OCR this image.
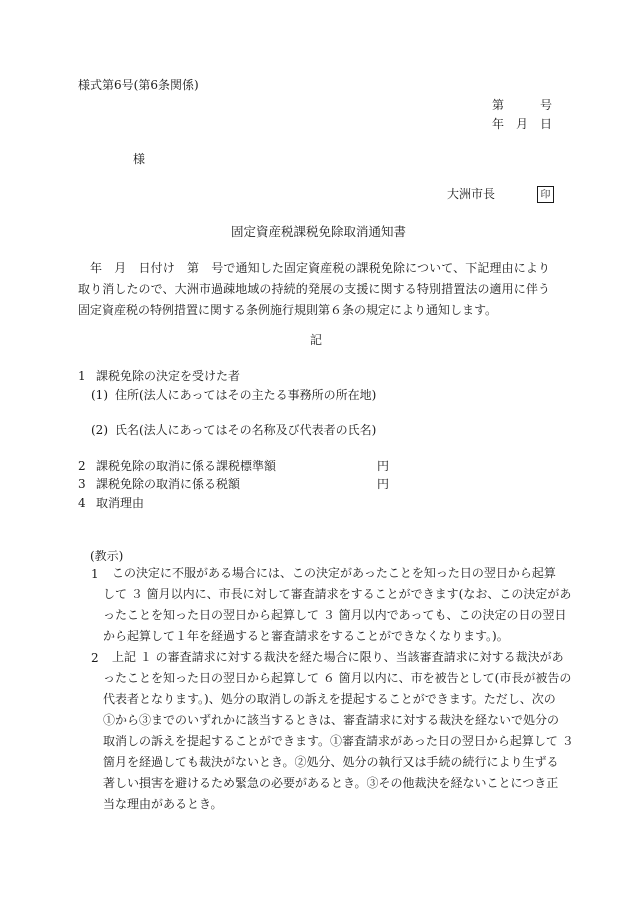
様式第6号(第6条関係)
第　　　号
年　月　日
様
大洲市長	印
固定資産税課税免除取消通知書
年　月　日付け　第　号で通知した固定資産税の課税免除について、下記理由により取り消したので、大洲市過疎地域の持続的発展の支援に関する特別措置法の適用に伴う固定資産税の特例措置に関する条例施行規則第６条の規定により通知します。
記
1 課税免除の決定を受けた者
(1) 住所(法人にあってはその主たる事務所の所在地)
(2) 氏名(法人にあってはその名称及び代表者の氏名)
2 課税免除の取消に係る課税標準額	円
3 課税免除の取消に係る税額	円
4 取消理由
(教示)
1 この決定に不服がある場合には、この決定があったことを知った日の翌日から起算
して ３ 箇月以内に、市長に対して審査請求をすることができます(なお、この決定があ
ったことを知った日の翌日から起算して ３ 箇月以内であっても、この決定の日の翌日
から起算して１年を経過すると審査請求をすることができなくなります。)。
2 上記 １ の審査請求に対する裁決を経た場合に限り、当該審査請求に対する裁決があ
ったことを知った日の翌日から起算して ６ 箇月以内に、市を被告として(市長が被告の
代表者となります。)、処分の取消しの訴えを提起することができます。ただし、次の
①から③までのいずれかに該当するときは、審査請求に対する裁決を経ないで処分の
取消しの訴えを提起することができます。①審査請求があった日の翌日から起算して ３
箇月を経過しても裁決がないとき。②処分、処分の執行又は手続の続行により生ずる
著しい損害を避けるため緊急の必要があるとき。③その他裁決を経ないことにつき正
当な理由があるとき。
